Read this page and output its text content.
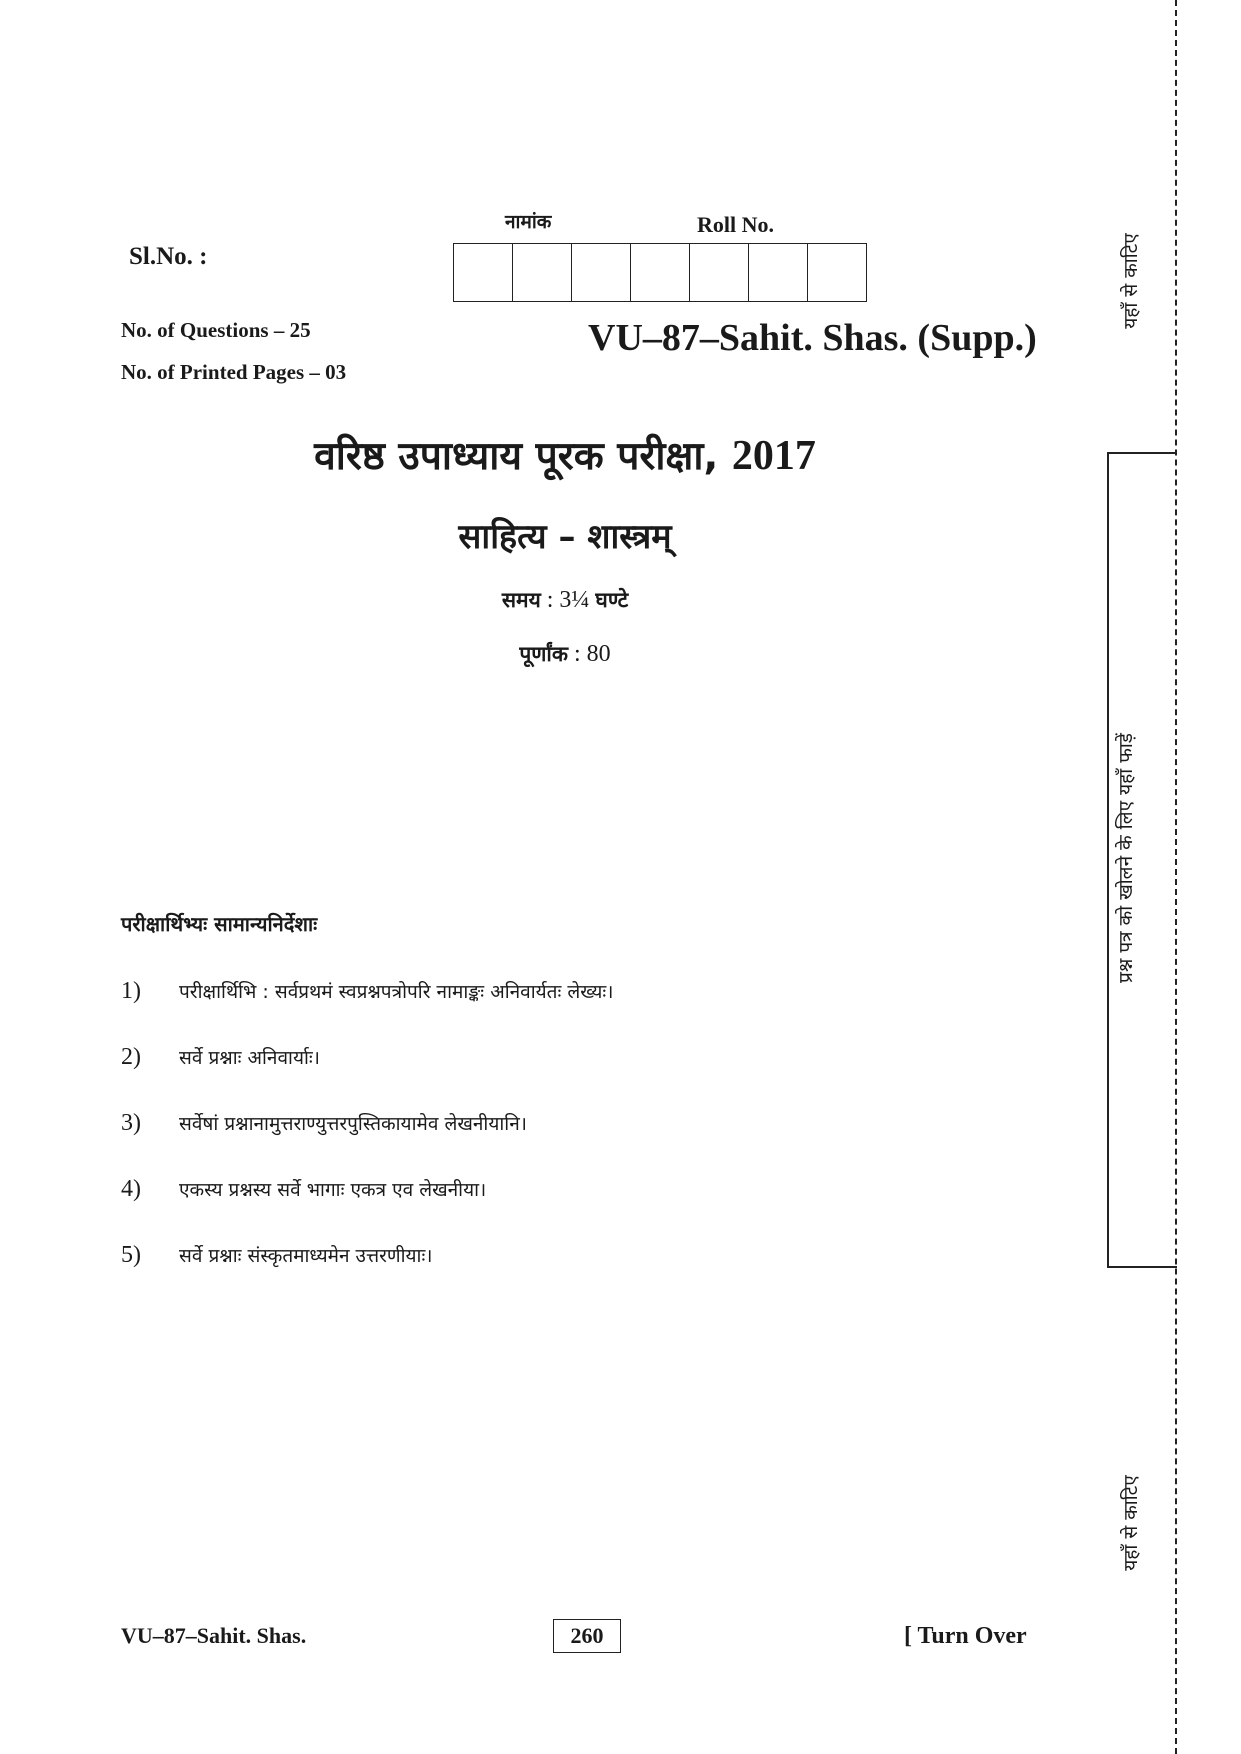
यहाँ से काटिए
प्रश्न पत्र को खोलने के लिए यहाँ फाड़ें
यहाँ से काटिए
Sl.No. :
नामांक	Roll No.
No. of Questions – 25
No. of Printed Pages – 03
VU–87–Sahit. Shas. (Supp.)
वरिष्ठ उपाध्याय पूरक परीक्षा, 2017
साहित्य – शास्त्रम्
समय : 3¼ घण्टे
पूर्णांक : 80
परीक्षार्थिभ्यः सामान्यनिर्देशाः
1)	परीक्षार्थिभि : सर्वप्रथमं स्वप्रश्नपत्रोपरि नामाङ्कः अनिवार्यतः लेख्यः।
2)	सर्वे प्रश्नाः अनिवार्याः।
3)	सर्वेषां प्रश्नानामुत्तराण्युत्तरपुस्तिकायामेव लेखनीयानि।
4)	एकस्य प्रश्नस्य सर्वे भागाः एकत्र एव लेखनीया।
5)	सर्वे प्रश्नाः संस्कृतमाध्यमेन उत्तरणीयाः।
VU–87–Sahit. Shas.	260	[ Turn Over
